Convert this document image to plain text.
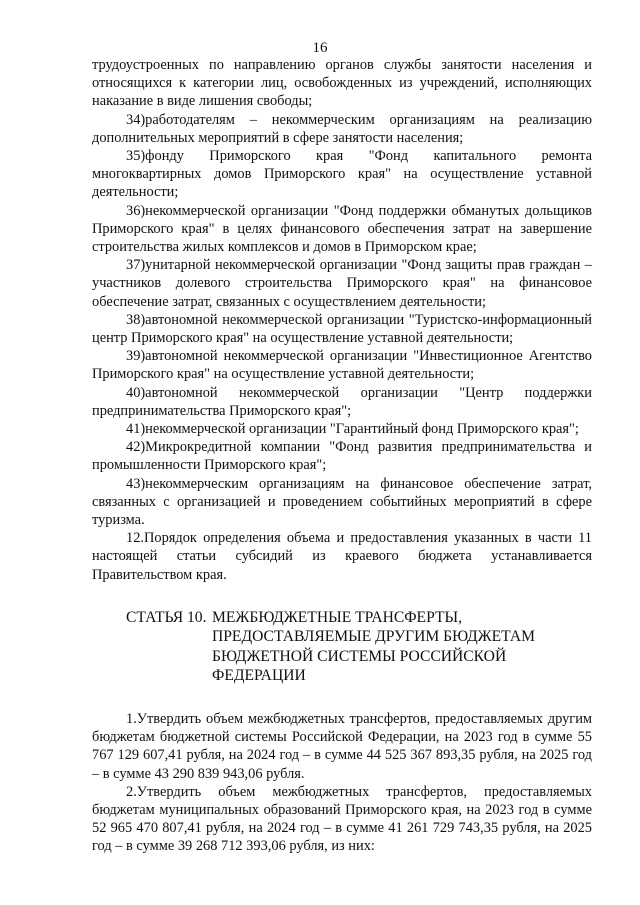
16

трудоустроенных по направлению органов службы занятости населения и относящихся к категории лиц, освобожденных из учреждений, исполняющих наказание в виде лишения свободы;

34)работодателям – некоммерческим организациям на реализацию дополнительных мероприятий в сфере занятости населения;

35)фонду Приморского края "Фонд капитального ремонта многоквартирных домов Приморского края" на осуществление уставной деятельности;

36)некоммерческой организации "Фонд поддержки обманутых дольщиков Приморского края" в целях финансового обеспечения затрат на завершение строительства жилых комплексов и домов в Приморском крае;

37)унитарной некоммерческой организации "Фонд защиты прав граждан – участников долевого строительства Приморского края" на финансовое обеспечение затрат, связанных с осуществлением деятельности;

38)автономной некоммерческой организации "Туристско-информационный центр Приморского края" на осуществление уставной деятельности;

39)автономной некоммерческой организации "Инвестиционное Агентство Приморского края" на осуществление уставной деятельности;

40)автономной некоммерческой организации "Центр поддержки предпринимательства Приморского края";

41)некоммерческой организации "Гарантийный фонд Приморского края";

42)Микрокредитной компании "Фонд развития предпринимательства и промышленности Приморского края";

43)некоммерческим организациям на финансовое обеспечение затрат, связанных с организацией и проведением событийных мероприятий в сфере туризма.

12.Порядок определения объема и предоставления указанных в части 11 настоящей статьи субсидий из краевого бюджета устанавливается Правительством края.

СТАТЬЯ 10. МЕЖБЮДЖЕТНЫЕ ТРАНСФЕРТЫ,
ПРЕДОСТАВЛЯЕМЫЕ ДРУГИМ БЮДЖЕТАМ
БЮДЖЕТНОЙ СИСТЕМЫ РОССИЙСКОЙ
ФЕДЕРАЦИИ

1.Утвердить объем межбюджетных трансфертов, предоставляемых другим бюджетам бюджетной системы Российской Федерации, на 2023 год в сумме 55 767 129 607,41 рубля, на 2024 год – в сумме 44 525 367 893,35 рубля, на 2025 год – в сумме 43 290 839 943,06 рубля.

2.Утвердить объем межбюджетных трансфертов, предоставляемых бюджетам муниципальных образований Приморского края, на 2023 год в сумме 52 965 470 807,41 рубля, на 2024 год – в сумме 41 261 729 743,35 рубля, на 2025 год – в сумме 39 268 712 393,06 рубля, из них:
